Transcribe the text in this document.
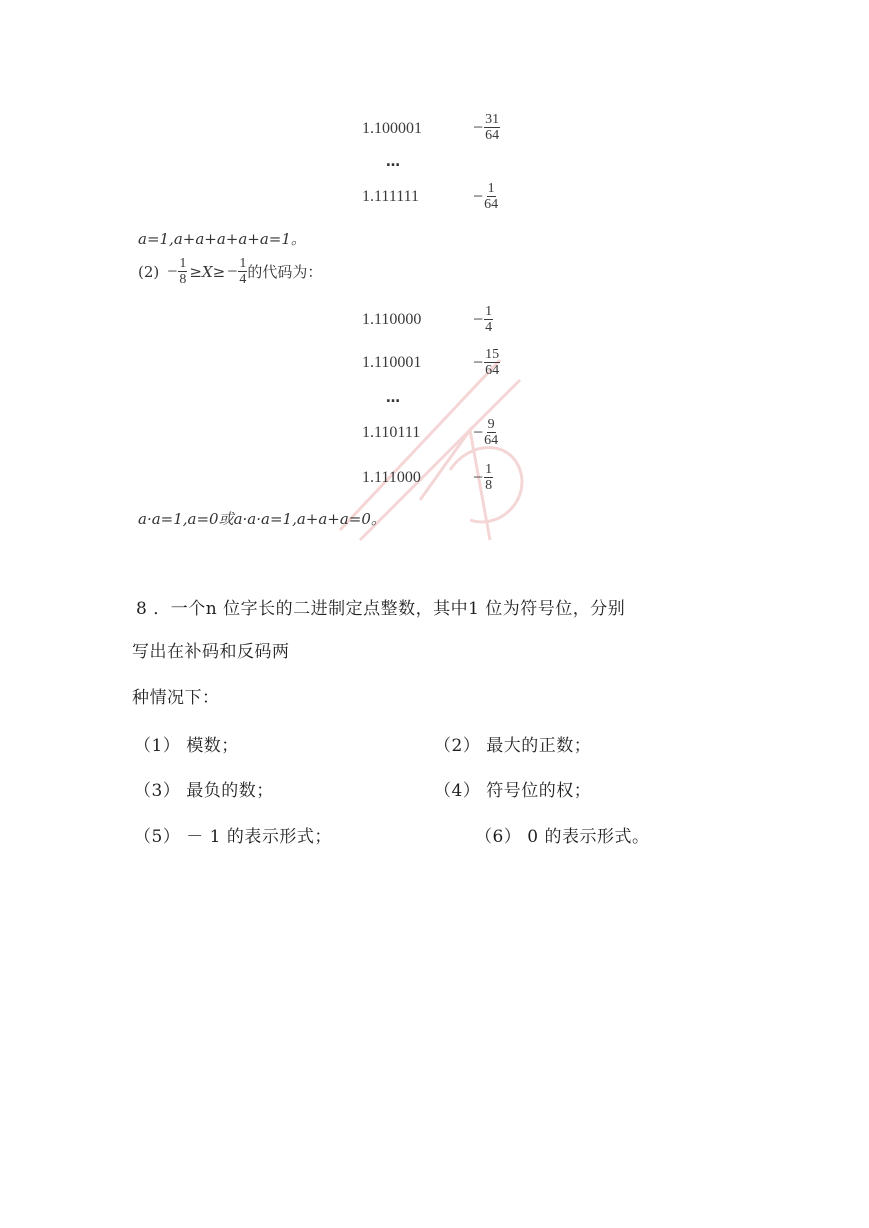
1.100001	− $\frac{31}{64}$
…
1.111111	− $\frac{1}{64}$
a=1,a+a+a+a+a=1。
$(2) - \frac{1}{8} \ge X\ge - \frac{1}{4}$ 的代码为：
1.110000	− $\frac{1}{4}$
1.110001	− $\frac{15}{64}$
…
1.110111	− $\frac{9}{64}$
1.111000	− $\frac{1}{8}$
a·a=1,a=0或a·a·a=1,a+a+a=0。
8 ．一个n 位字长的二进制定点整数，其中1 位为符号位，分别
写出在补码和反码两
种情况下：
（1） 模数；	（2） 最大的正数；
（3） 最负的数；	（4） 符号位的权；
（5） － 1 的表示形式；	（6） 0 的表示形式。
